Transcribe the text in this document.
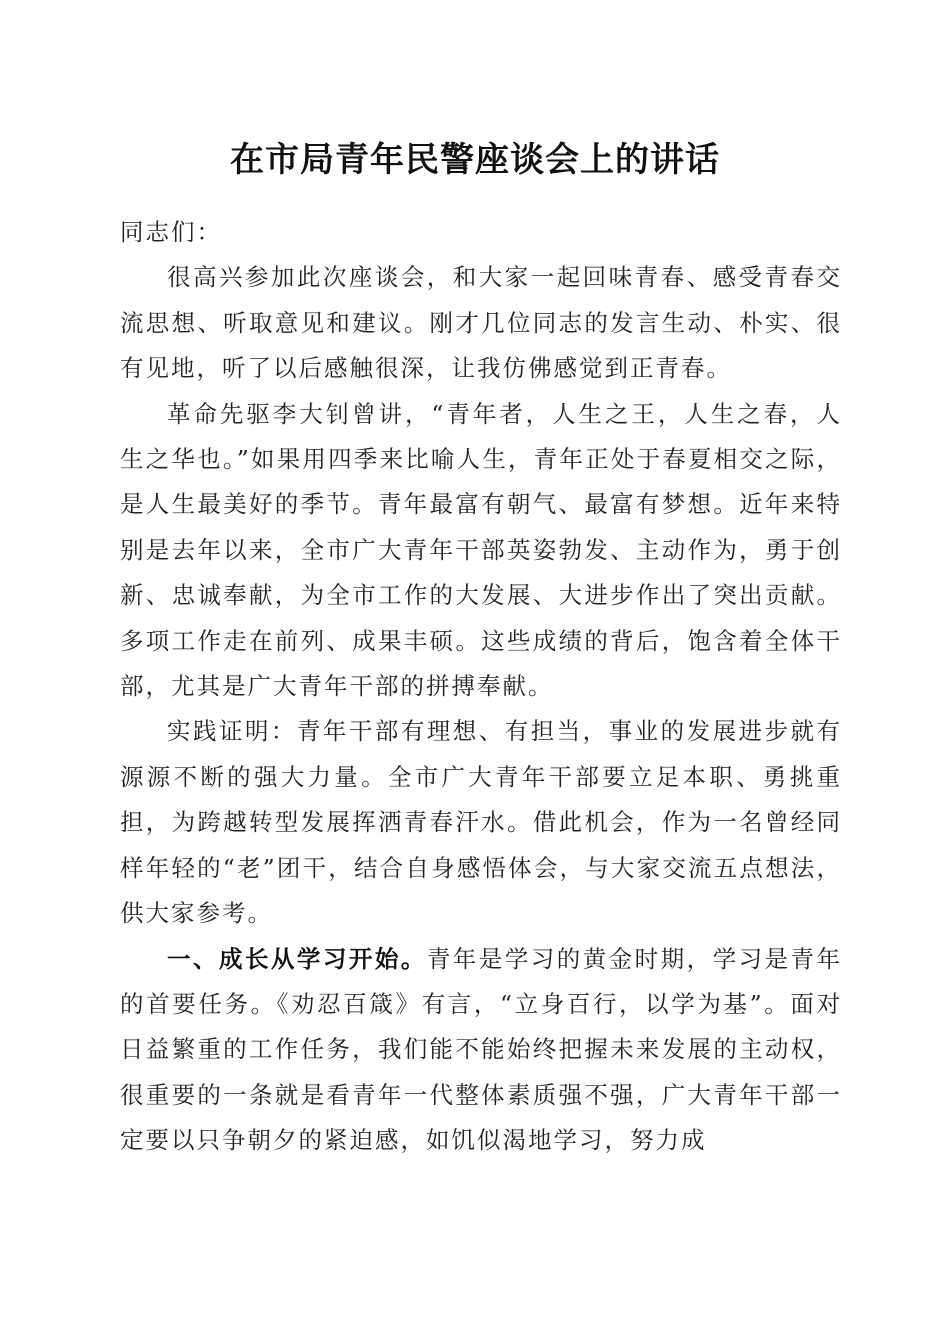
在市局青年民警座谈会上的讲话

同志们：

很高兴参加此次座谈会，和大家一起回味青春、感受青春交流思想、听取意见和建议。刚才几位同志的发言生动、朴实、很有见地，听了以后感触很深，让我仿佛感觉到正青春。

革命先驱李大钊曾讲，“青年者，人生之王，人生之春，人生之华也。”如果用四季来比喻人生，青年正处于春夏相交之际，是人生最美好的季节。青年最富有朝气、最富有梦想。近年来特别是去年以来，全市广大青年干部英姿勃发、主动作为，勇于创新、忠诚奉献，为全市工作的大发展、大进步作出了突出贡献。多项工作走在前列、成果丰硕。这些成绩的背后，饱含着全体干部，尤其是广大青年干部的拼搏奉献。

实践证明：青年干部有理想、有担当，事业的发展进步就有源源不断的强大力量。全市广大青年干部要立足本职、勇挑重担，为跨越转型发展挥洒青春汗水。借此机会，作为一名曾经同样年轻的“老”团干，结合自身感悟体会，与大家交流五点想法，供大家参考。

一、成长从学习开始。青年是学习的黄金时期，学习是青年的首要任务。《劝忍百箴》有言，“立身百行，以学为基”。面对日益繁重的工作任务，我们能不能始终把握未来发展的主动权，很重要的一条就是看青年一代整体素质强不强，广大青年干部一定要以只争朝夕的紧迫感，如饥似渴地学习，努力成
